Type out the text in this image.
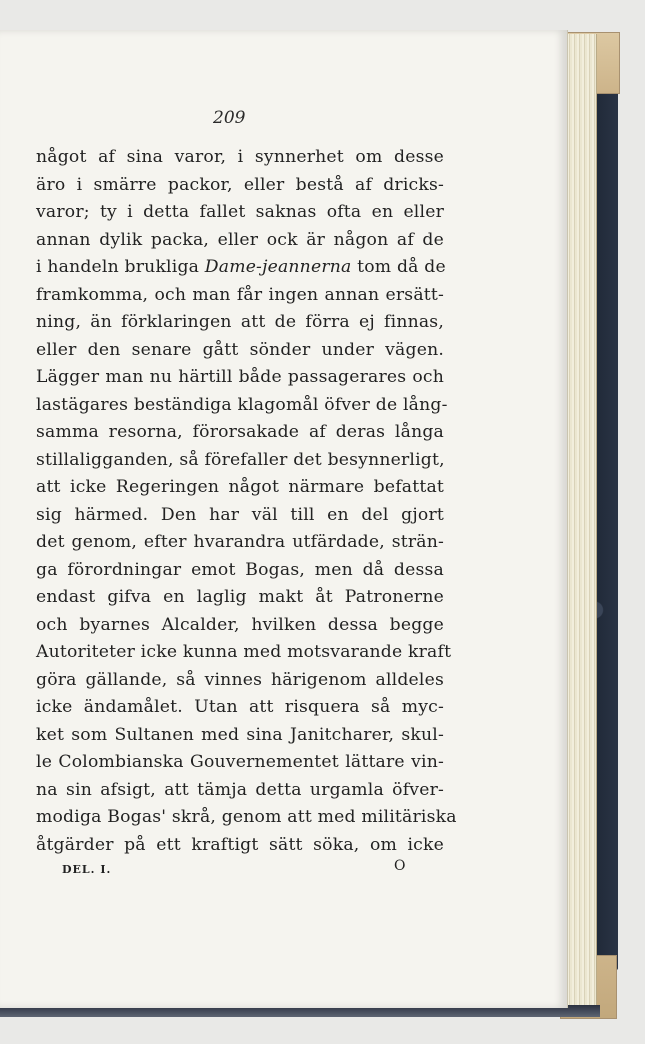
209
något af sina varor, i synnerhet om desse
äro i smärre packor, eller bestå af dricks-
varor; ty i detta fallet saknas ofta en eller
annan dylik packa, eller ock är någon af de
i handeln brukliga Dame-jeannerna tom då de
framkomma, och man får ingen annan ersätt-
ning, än förklaringen att de förra ej finnas,
eller den senare gått sönder under vägen.
Lägger man nu härtill både passagerares och
lastägares beständiga klagomål öfver de lång-
samma resorna, förorsakade af deras långa
stillaligganden, så förefaller det besynnerligt,
att icke Regeringen något närmare befattat
sig härmed. Den har väl till en del gjort
det genom, efter hvarandra utfärdade, strän-
ga förordningar emot Bogas, men då dessa
endast gifva en laglig makt åt Patronerne
och byarnes Alcalder, hvilken dessa begge
Autoriteter icke kunna med motsvarande kraft
göra gällande, så vinnes härigenom alldeles
icke ändamålet. Utan att risquera så myc-
ket som Sultanen med sina Janitcharer, skul-
le Colombianska Gouvernementet lättare vin-
na sin afsigt, att tämja detta urgamla öfver-
modiga Bogas' skrå, genom att med militäriska
åtgärder på ett kraftigt sätt söka, om icke
DEL. I.	O
